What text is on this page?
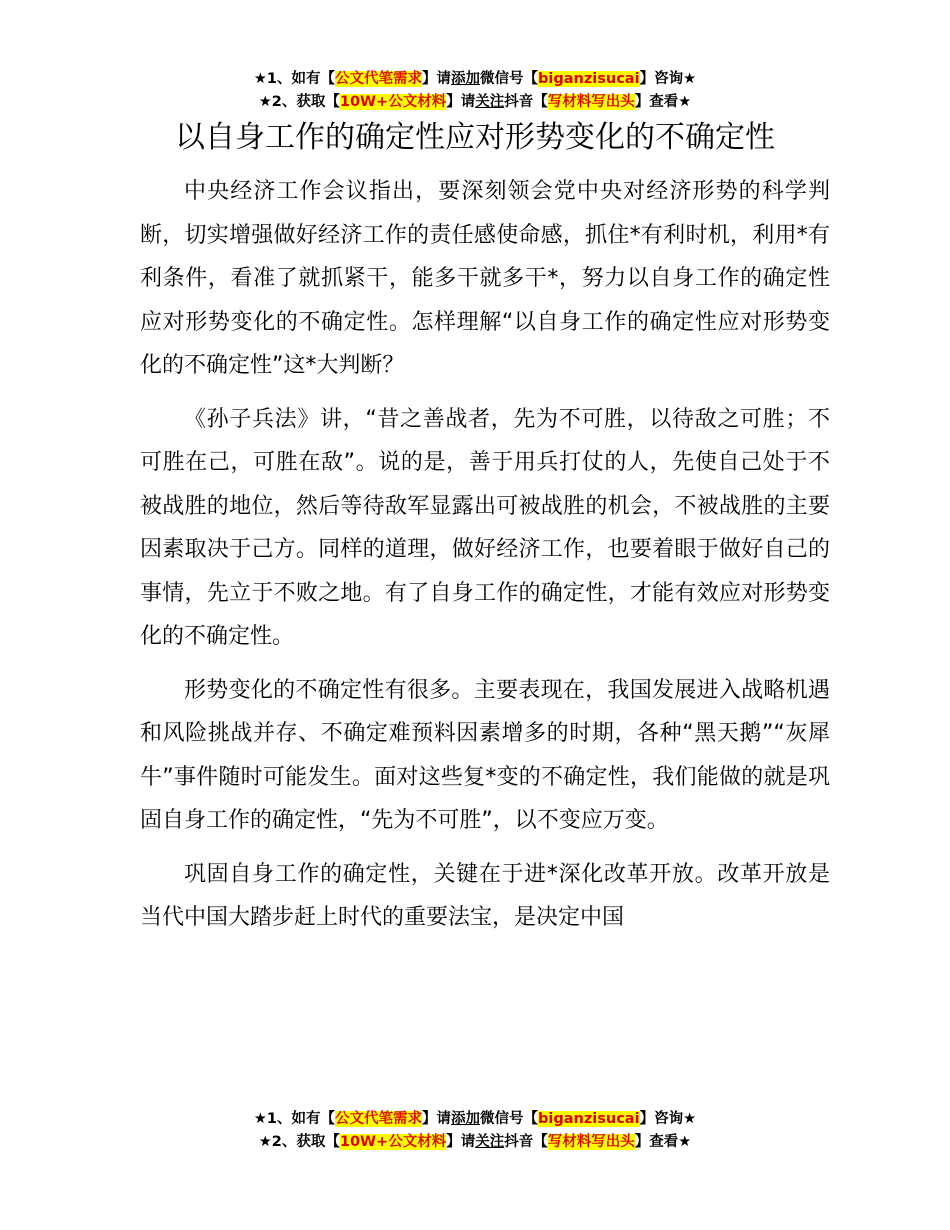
★1、如有【公文代笔需求】请添加微信号【biganzisucai】咨询★
★2、获取【10W+公文材料】请关注抖音【写材料写出头】查看★
以自身工作的确定性应对形势变化的不确定性

中央经济工作会议指出，要深刻领会党中央对经济形势的科学判断，切实增强做好经济工作的责任感使命感，抓住*有利时机，利用*有利条件，看准了就抓紧干，能多干就多干*，努力以自身工作的确定性应对形势变化的不确定性。怎样理解“以自身工作的确定性应对形势变化的不确定性”这*大判断？

《孙子兵法》讲，“昔之善战者，先为不可胜，以待敌之可胜；不可胜在己，可胜在敌”。说的是，善于用兵打仗的人，先使自己处于不被战胜的地位，然后等待敌军显露出可被战胜的机会，不被战胜的主要因素取决于己方。同样的道理，做好经济工作，也要着眼于做好自己的事情，先立于不败之地。有了自身工作的确定性，才能有效应对形势变化的不确定性。

形势变化的不确定性有很多。主要表现在，我国发展进入战略机遇和风险挑战并存、不确定难预料因素增多的时期，各种“黑天鹅”“灰犀牛”事件随时可能发生。面对这些复*变的不确定性，我们能做的就是巩固自身工作的确定性，“先为不可胜”，以不变应万变。

巩固自身工作的确定性，关键在于进*深化改革开放。改革开放是当代中国大踏步赶上时代的重要法宝，是决定中国

★1、如有【公文代笔需求】请添加微信号【biganzisucai】咨询★
★2、获取【10W+公文材料】请关注抖音【写材料写出头】查看★
